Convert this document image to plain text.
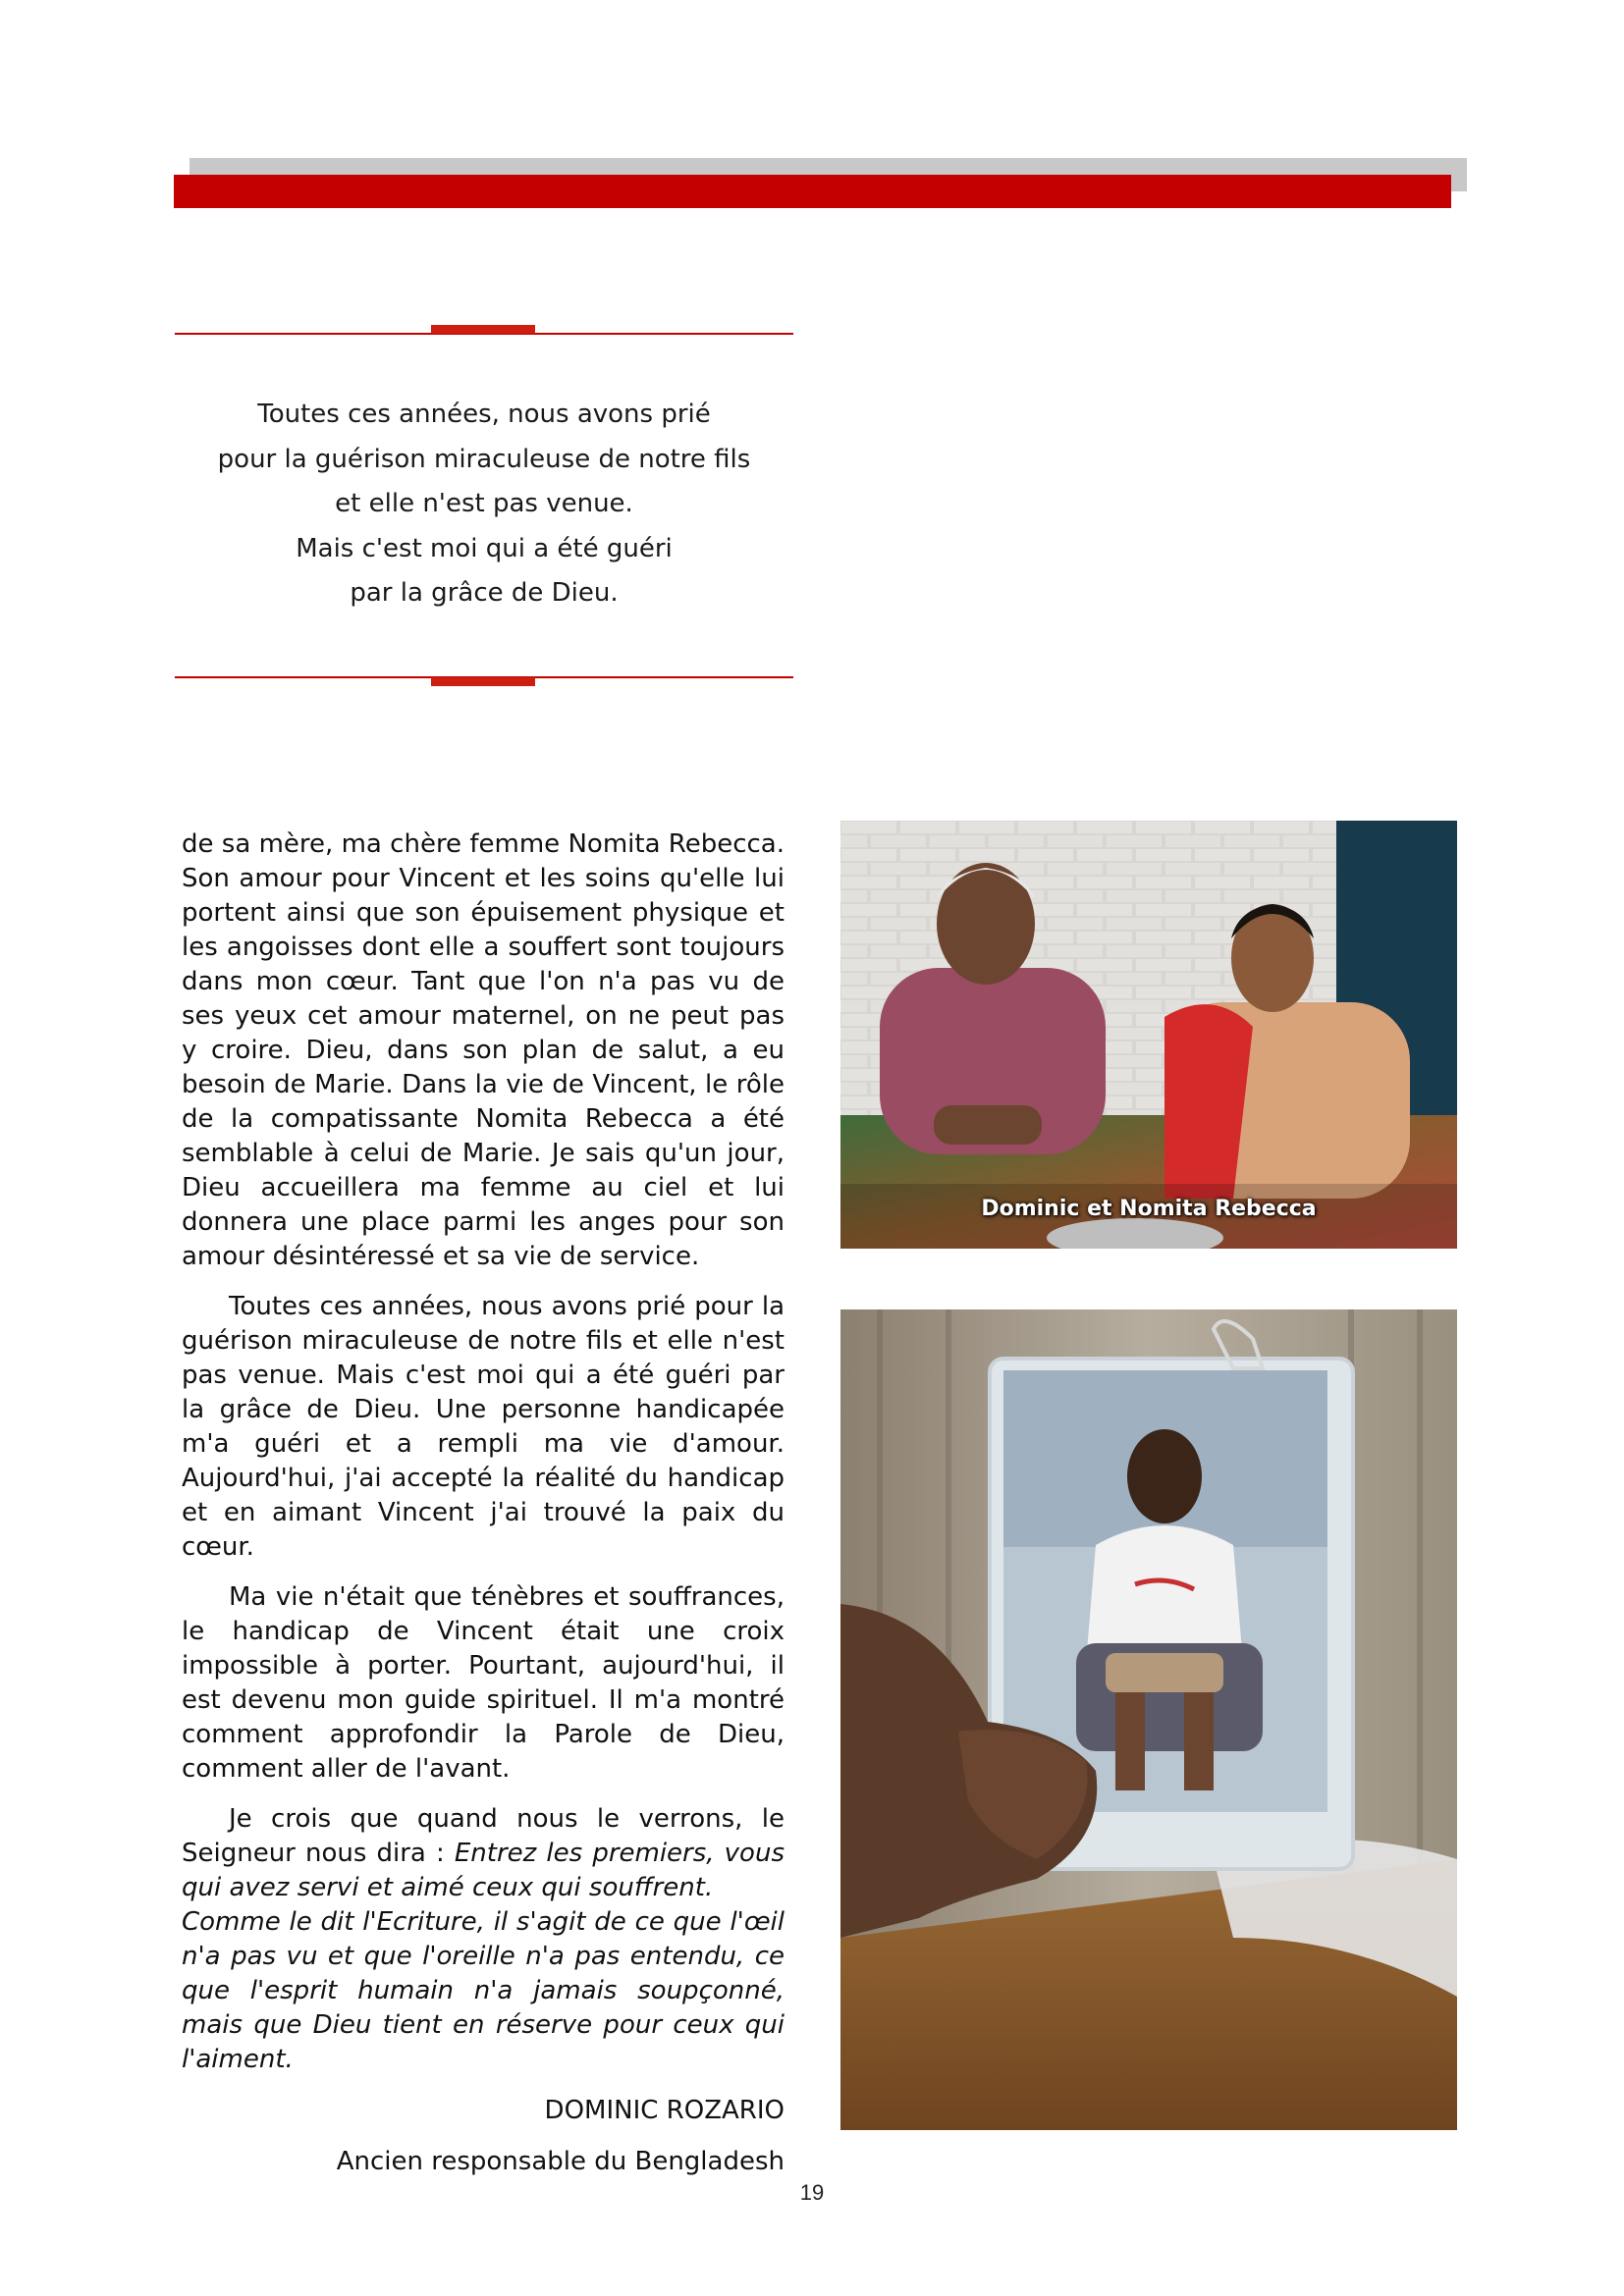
Toutes ces années, nous avons prié
pour la guérison miraculeuse de notre fils
et elle n'est pas venue.
Mais c'est moi qui a été guéri
par la grâce de Dieu.

de sa mère, ma chère femme Nomita Rebecca. Son amour pour Vincent et les soins qu'elle lui portent ainsi que son épuisement physique et les angoisses dont elle a souffert sont toujours dans mon cœur. Tant que l'on n'a pas vu de ses yeux cet amour maternel, on ne peut pas y croire. Dieu, dans son plan de salut, a eu besoin de Marie. Dans la vie de Vincent, le rôle de la compatissante Nomita Rebecca a été semblable à celui de Marie. Je sais qu'un jour, Dieu accueillera ma femme au ciel et lui donnera une place parmi les anges pour son amour désintéressé et sa vie de service.

Toutes ces années, nous avons prié pour la guérison miraculeuse de notre fils et elle n'est pas venue. Mais c'est moi qui a été guéri par la grâce de Dieu. Une personne handicapée m'a guéri et a rempli ma vie d'amour. Aujourd'hui, j'ai accepté la réalité du handicap et en aimant Vincent j'ai trouvé la paix du cœur.

Ma vie n'était que ténèbres et souffrances, le handicap de Vincent était une croix impossible à porter. Pourtant, aujourd'hui, il est devenu mon guide spirituel. Il m'a montré comment approfondir la Parole de Dieu, comment aller de l'avant.

Je crois que quand nous le verrons, le Seigneur nous dira : Entrez les premiers, vous qui avez servi et aimé ceux qui souffrent.

Comme le dit l'Ecriture, il s'agit de ce que l'œil n'a pas vu et que l'oreille n'a pas entendu, ce que l'esprit humain n'a jamais soupçonné, mais que Dieu tient en réserve pour ceux qui l'aiment.

DOMINIC ROZARIO

Ancien responsable du Bengladesh

Dominic et Nomita Rebecca
19
